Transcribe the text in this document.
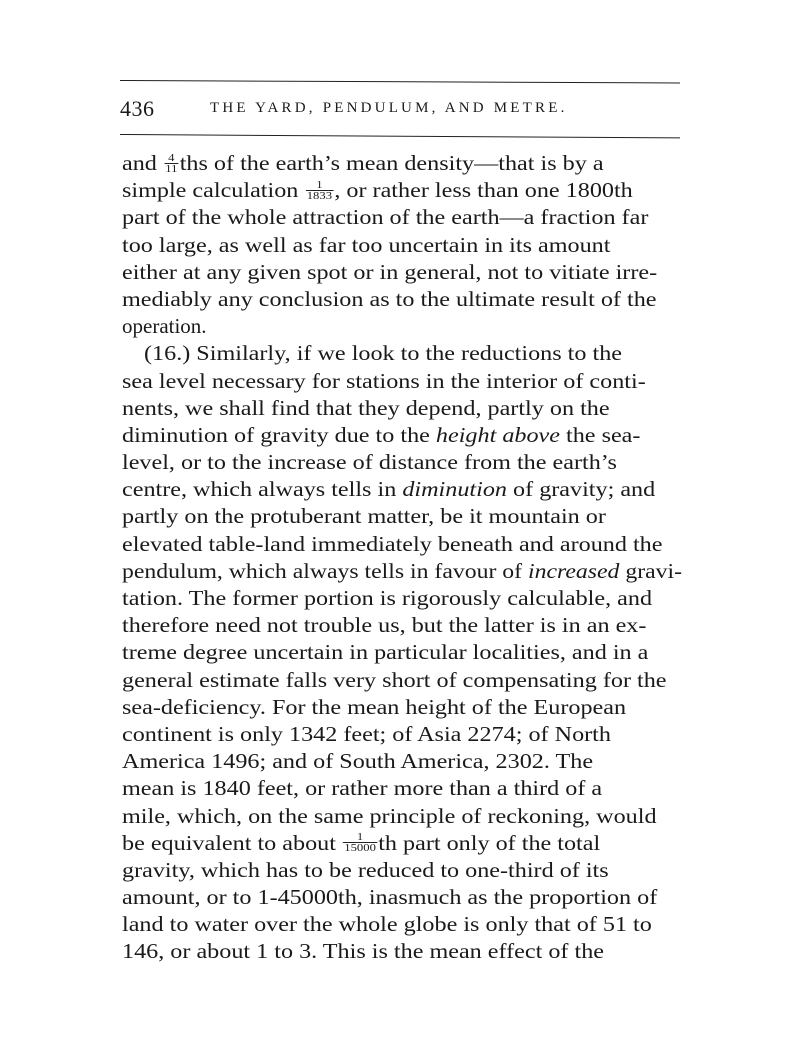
436	THE YARD, PENDULUM, AND METRE.
and $\frac{4}{11}$ ths of the earth’s mean density—that is by a
simple calculation $\frac{1}{1833}$ , or rather less than one 1800th
part of the whole attraction of the earth—a fraction far
too large, as well as far too uncertain in its amount
either at any given spot or in general, not to vitiate irre-
mediably any conclusion as to the ultimate result of the
operation.
(16.) Similarly, if we look to the reductions to the
sea level necessary for stations in the interior of conti-
nents, we shall find that they depend, partly on the
diminution of gravity due to the height above the sea-
level, or to the increase of distance from the earth’s
centre, which always tells in diminution of gravity; and
partly on the protuberant matter, be it mountain or
elevated table-land immediately beneath and around the
pendulum, which always tells in favour of increased gravi-
tation. The former portion is rigorously calculable, and
therefore need not trouble us, but the latter is in an ex-
treme degree uncertain in particular localities, and in a
general estimate falls very short of compensating for the
sea-deficiency. For the mean height of the European
continent is only 1342 feet; of Asia 2274; of North
America 1496; and of South America, 2302. The
mean is 1840 feet, or rather more than a third of a
mile, which, on the same principle of reckoning, would
be equivalent to about $\frac{1}{15000}$ th part only of the total
gravity, which has to be reduced to one-third of its
amount, or to 1-45000th, inasmuch as the proportion of
land to water over the whole globe is only that of 51 to
146, or about 1 to 3. This is the mean effect of the
